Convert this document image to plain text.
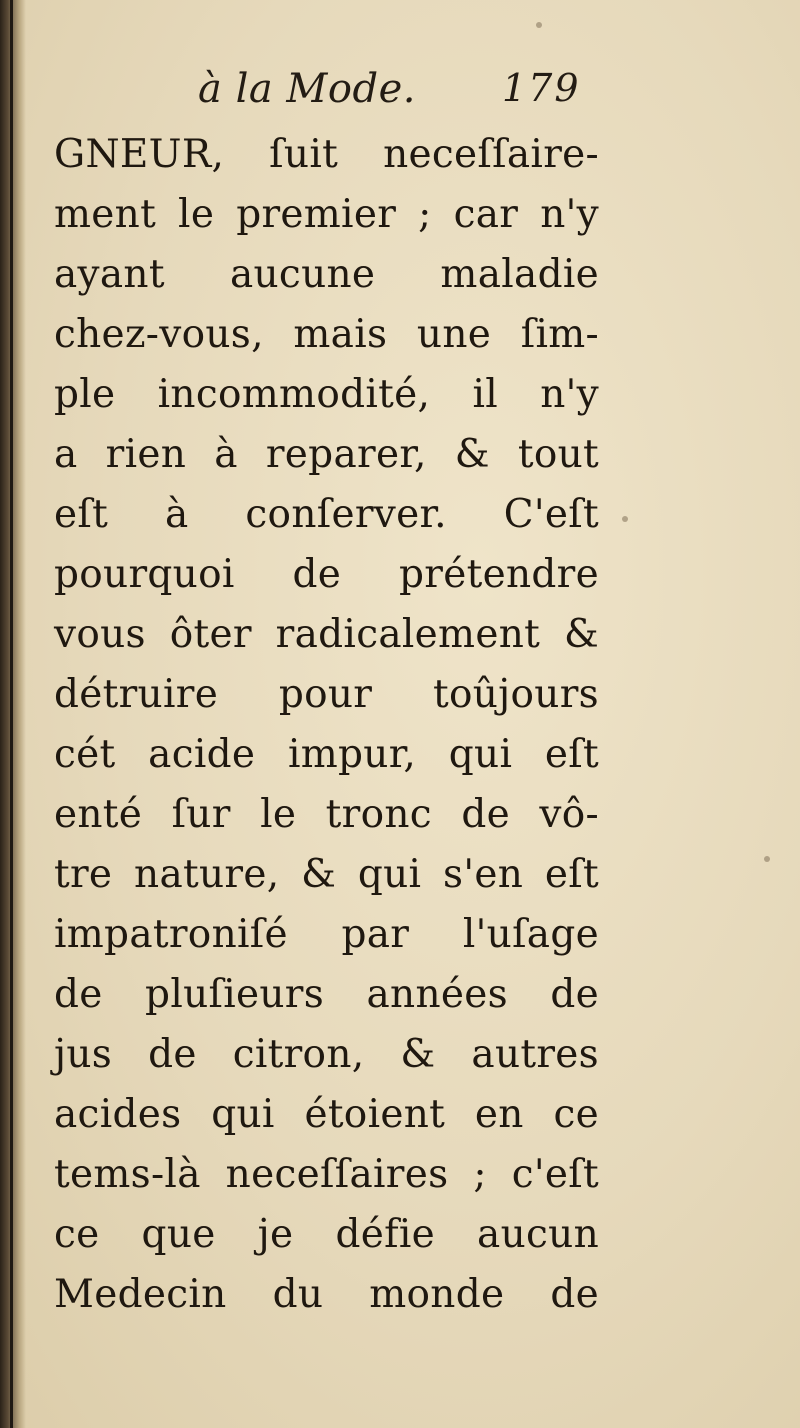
à la Mode. 179
GNEUR, ſuit neceſſaire-
ment le premier ; car n'y
ayant aucune maladie
chez-vous, mais une ſim-
ple incommodité, il n'y
a rien à reparer, & tout
eſt à conſerver. C'eſt
pourquoi de prétendre
vous ôter radicalement &
détruire pour toûjours
cét acide impur, qui eſt
enté ſur le tronc de vô-
tre nature, & qui s'en eſt
impatroniſé par l'uſage
de pluſieurs années de
jus de citron, & autres
acides qui étoient en ce
tems-là neceſſaires ; c'eſt
ce que je défie aucun
Medecin du monde de
